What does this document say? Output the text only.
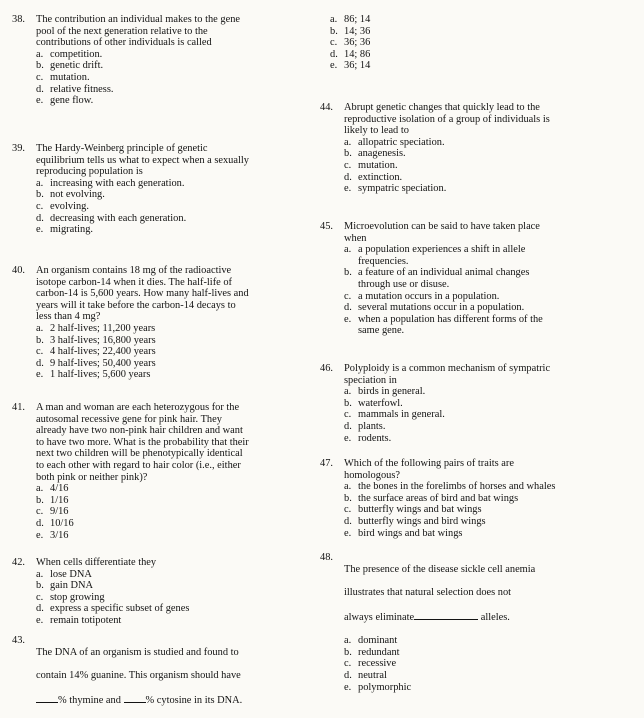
38. The contribution an individual makes to the gene
pool of the next generation relative to the
contributions of other individuals is called
a. competition.
b. genetic drift.
c. mutation.
d. relative fitness.
e. gene flow.
39. The Hardy-Weinberg principle of genetic
equilibrium tells us what to expect when a sexually
reproducing population is
a. increasing with each generation.
b. not evolving.
c. evolving.
d. decreasing with each generation.
e. migrating.
40. An organism contains 18 mg of the radioactive
isotope carbon-14 when it dies. The half-life of
carbon-14 is 5,600 years. How many half-lives and
years will it take before the carbon-14 decays to
less than 4 mg?
a. 2 half-lives; 11,200 years
b. 3 half-lives; 16,800 years
c. 4 half-lives; 22,400 years
d. 9 half-lives; 50,400 years
e. 1 half-lives; 5,600 years
41. A man and woman are each heterozygous for the
autosomal recessive gene for pink hair. They
already have two non-pink hair children and want
to have two more. What is the probability that their
next two children will be phenotypically identical
to each other with regard to hair color (i.e., either
both pink or neither pink)?
a. 4/16
b. 1/16
c. 9/16
d. 10/16
e. 3/16
42. When cells differentiate they
a. lose DNA
b. gain DNA
c. stop growing
d. express a specific subset of genes
e. remain totipotent
43.

The DNA of an organism is studied and found to

contain 14% guanine. This organism should have

% thymine and % cytosine in its DNA.

a. 86; 14
b. 14; 36
c. 36; 36
d. 14; 86
e. 36; 14
44. Abrupt genetic changes that quickly lead to the
reproductive isolation of a group of individuals is
likely to lead to
a. allopatric speciation.
b. anagenesis.
c. mutation.
d. extinction.
e. sympatric speciation.
45. Microevolution can be said to have taken place
when
a. a population experiences a shift in allele
frequencies.
b. a feature of an individual animal changes
through use or disuse.
c. a mutation occurs in a population.
d. several mutations occur in a population.
e. when a population has different forms of the
same gene.
46. Polyploidy is a common mechanism of sympatric
speciation in
a. birds in general.
b. waterfowl.
c. mammals in general.
d. plants.
e. rodents.
47. Which of the following pairs of traits are
homologous?
a. the bones in the forelimbs of horses and whales
b. the surface areas of bird and bat wings
c. butterfly wings and bat wings
d. butterfly wings and bird wings
e. bird wings and bat wings
48.

The presence of the disease sickle cell anemia

illustrates that natural selection does not

always eliminate	alleles.

a. dominant
b. redundant
c. recessive
d. neutral
e. polymorphic
